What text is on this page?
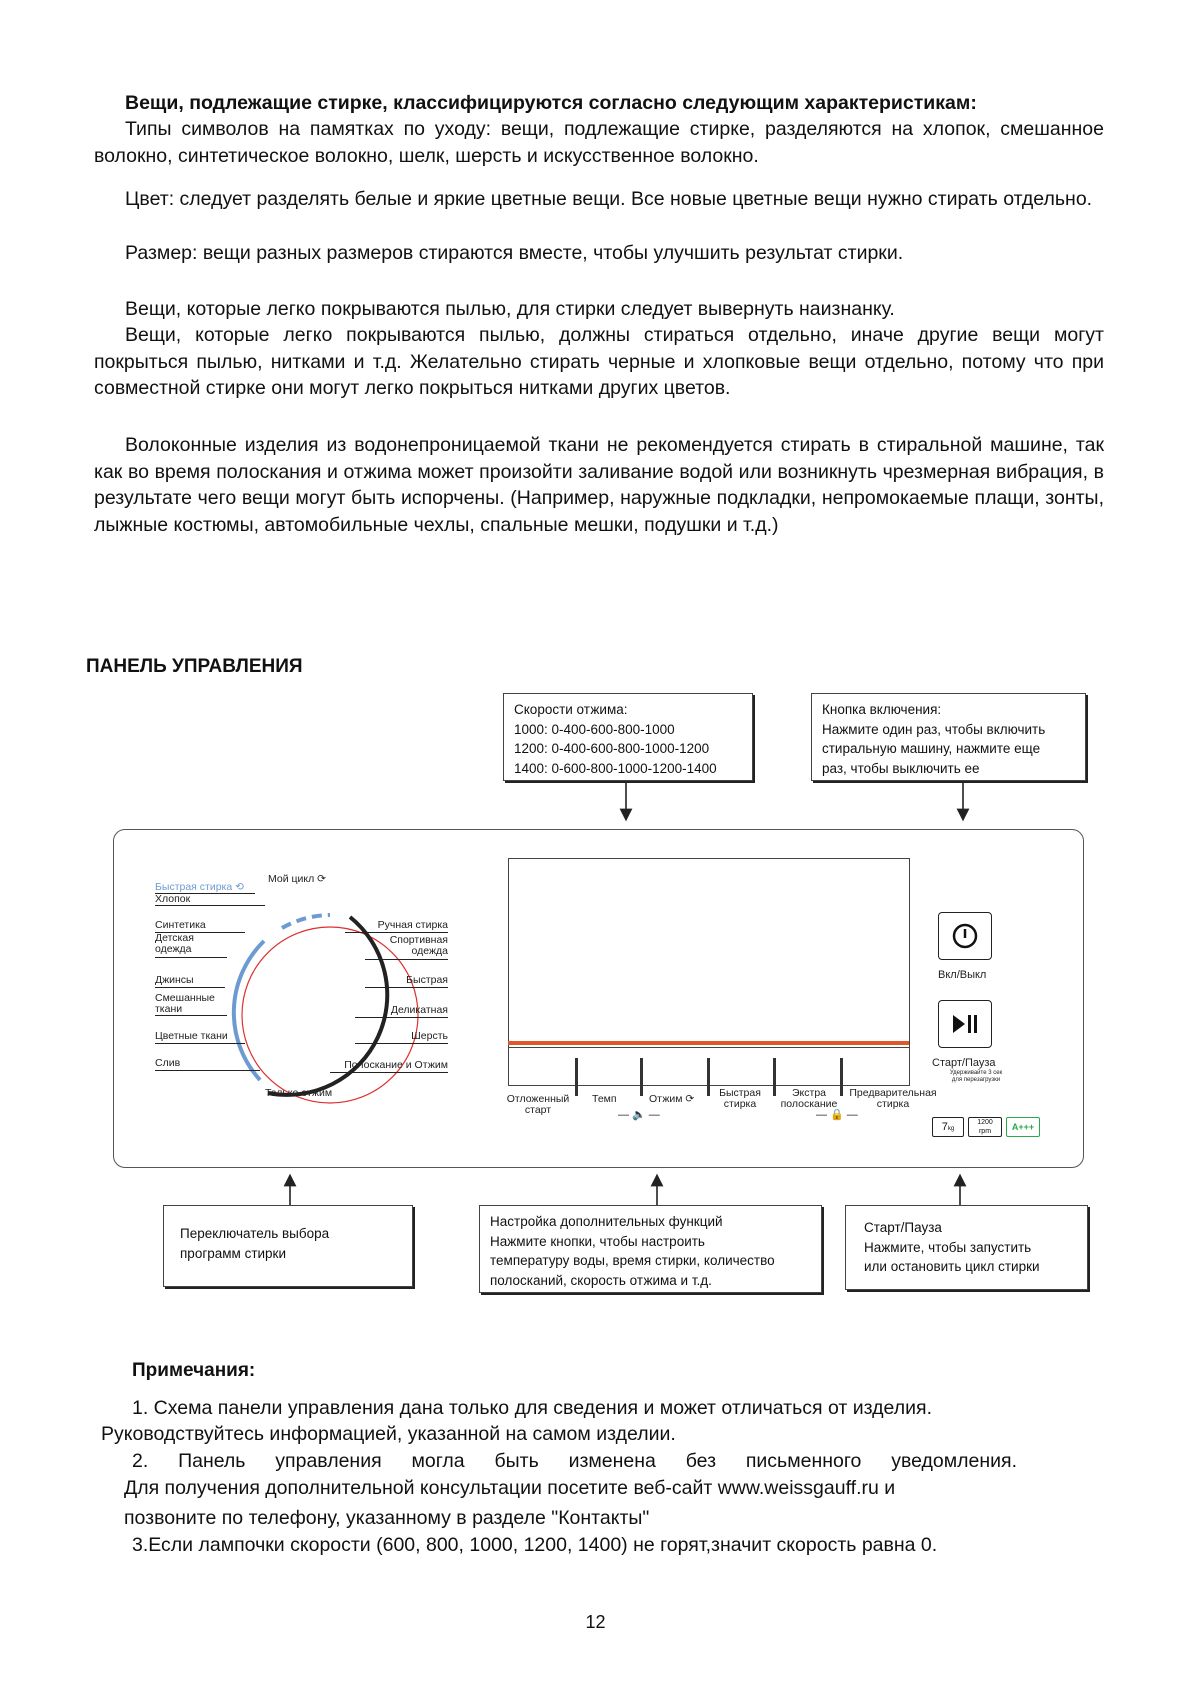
Вещи, подлежащие стирке, классифицируются согласно следующим характеристикам:

Типы символов на памятках по уходу: вещи, подлежащие стирке, разделяются на хлопок, смешанное волокно, синтетическое волокно, шелк, шерсть и искусственное волокно.

Цвет: следует разделять белые и яркие цветные вещи. Все новые цветные вещи нужно стирать отдельно.

Размер: вещи разных размеров стираются вместе, чтобы улучшить результат стирки.

Вещи, которые легко покрываются пылью, для стирки следует вывернуть наизнанку.

Вещи, которые легко покрываются пылью, должны стираться отдельно, иначе другие вещи могут покрыться пылью, нитками и т.д. Желательно стирать черные и хлопковые вещи отдельно, потому что при совместной стирке они могут легко покрыться нитками других цветов.

Волоконные изделия из водонепроницаемой ткани не рекомендуется стирать в стиральной машине, так как во время полоскания и отжима может произойти заливание водой или возникнуть чрезмерная вибрация, в результате чего вещи могут быть испорчены. (Например, наружные подкладки, непромокаемые плащи, зонты, лыжные костюмы, автомобильные чехлы, спальные мешки, подушки и т.д.)

ПАНЕЛЬ УПРАВЛЕНИЯ
Скорости отжима:
1000: 0-400-600-800-1000
1200: 0-400-600-800-1000-1200
1400: 0-600-800-1000-1200-1400
Кнопка включения:
Нажмите один раз, чтобы включить
стиральную машину, нажмите еще
раз, чтобы выключить ее
Быстрая стирка ⟲
Хлопок
Синтетика
Детская одежда
Джинсы
Смешанные ткани
Цветные ткани
Слив
Мой цикл ⟳
Только отжим
Ручная стирка
Спортивная одежда
Быстрая
Деликатная
Шерсть
Полоскание и Отжим
Отложенный старт
Темп	Отжим ⟳	Быстрая стирка
Экстра полоскание
Предварительная стирка
— 🔈 —	— 🔒 —
Вкл/Выкл
Старт/Пауза
Удерживайте 3 сек для перезагрузки
7kg
1200
rpm	A+++
Переключатель выбора
программ стирки
Настройка дополнительных функций
Нажмите кнопки, чтобы настроить
температуру воды, время стирки, количество
полосканий, скорость отжима и т.д.
Старт/Пауза
Нажмите, чтобы запустить
или остановить цикл стирки
Примечания:

1. Схема панели управления дана только для сведения и может отличаться от изделия.

Руководствуйтесь информацией, указанной на самом изделии.

2. Панель управления могла быть изменена без письменного уведомления.

Для получения дополнительной консультации посетите веб-сайт www.weissgauff.ru и

позвоните по телефону, указанному в разделе "Контакты"

3.Если лампочки скорости (600, 800, 1000, 1200, 1400) не горят,значит скорость равна 0.

12
